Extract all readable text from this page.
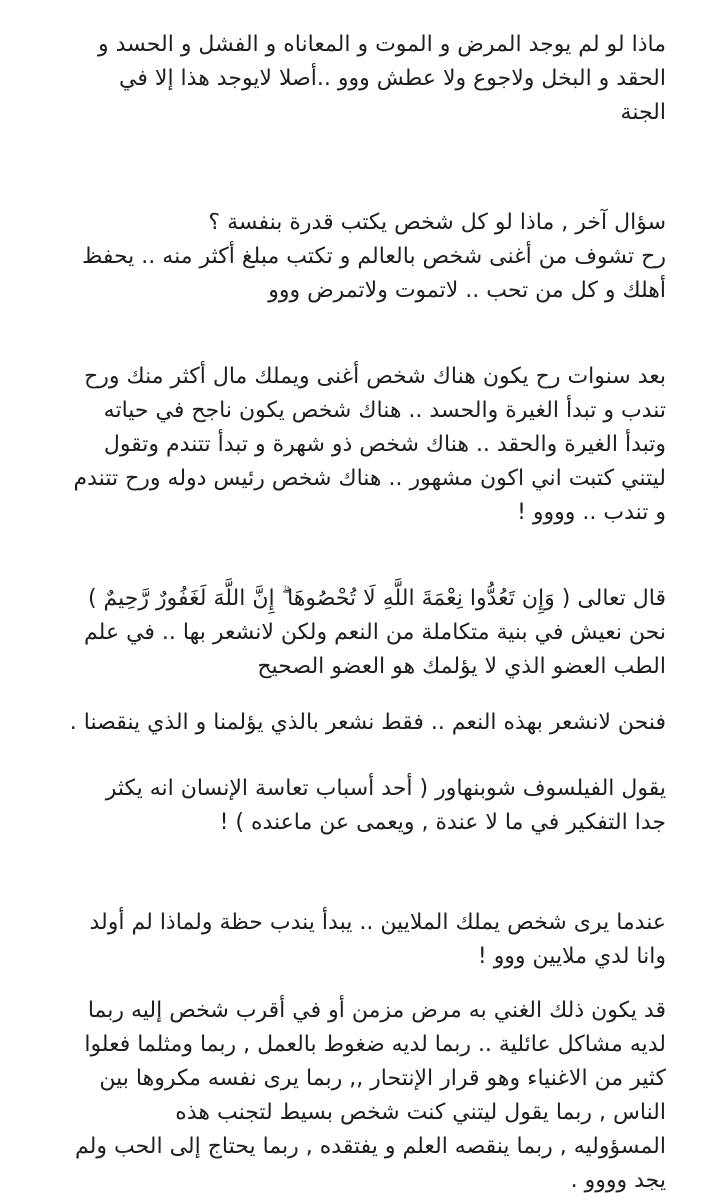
ماذا لو لم يوجد المرض و الموت و المعاناه و الفشل و الحسد و
الحقد و البخل ولاجوع ولا عطش ووو ..أصلا لايوجد هذا إلا في
الجنة

سؤال آخر , ماذا لو كل شخص يكتب قدرة بنفسة ؟
رح تشوف من أغنى شخص بالعالم و تكتب مبلغ أكثر منه .. يحفظ
أهلك و كل من تحب .. لاتموت ولاتمرض ووو

بعد سنوات رح يكون هناك شخص أغنى ويملك مال أكثر منك ورح
تندب و تبدأ الغيرة والحسد .. هناك شخص يكون ناجح في حياته
وتبدأ الغيرة والحقد .. هناك شخص ذو شهرة و تبدأ تتندم وتقول
ليتني كتبت اني اكون مشهور .. هناك شخص رئيس دوله ورح تتندم
و تندب .. وووو !

قال تعالى ( وَإِن تَعُدُّوا نِعْمَةَ اللَّهِ لَا تُحْصُوهَا ۗ إِنَّ اللَّهَ لَغَفُورٌ رَّحِيمٌ )
نحن نعيش في بنية متكاملة من النعم ولكن لانشعر بها .. في علم
الطب العضو الذي لا يؤلمك هو العضو الصحيح

فنحن لانشعر بهذه النعم .. فقط نشعر بالذي يؤلمنا و الذي ينقصنا .

يقول الفيلسوف شوبنهاور ( أحد أسباب تعاسة الإنسان انه يكثر
جدا التفكير في ما لا عندة , ويعمى عن ماعنده ) !

عندما يرى شخص يملك الملايين .. يبدأ يندب حظة ولماذا لم أولد
وانا لدي ملايين ووو !

قد يكون ذلك الغني به مرض مزمن أو في أقرب شخص إليه ربما
لديه مشاكل عائلية .. ربما لديه ضغوط بالعمل , ربما ومثلما فعلوا
كثير من الاغنياء وهو قرار الإنتحار ,, ربما يرى نفسه مكروها بين
الناس , ربما يقول ليتني كنت شخص بسيط لتجنب هذه
المسؤوليه , ربما ينقصه العلم و يفتقده , ربما يحتاج إلى الحب ولم
يجد وووو .
